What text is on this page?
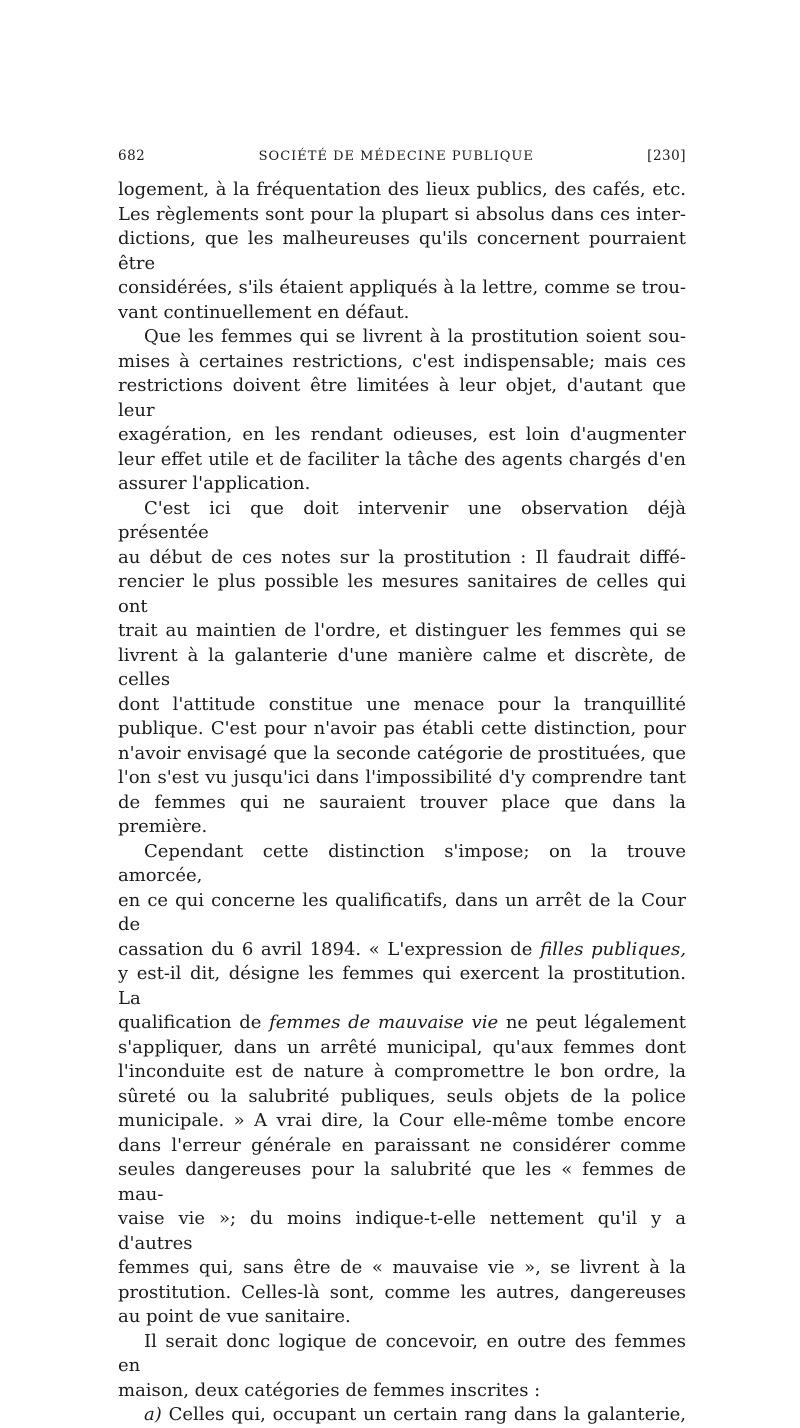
682	SOCIÉTÉ DE MÉDECINE PUBLIQUE	[230]

logement, à la fréquentation des lieux publics, des cafés, etc.

Les règlements sont pour la plupart si absolus dans ces inter-

dictions, que les malheureuses qu'ils concernent pourraient être

considérées, s'ils étaient appliqués à la lettre, comme se trou-

vant continuellement en défaut.

Que les femmes qui se livrent à la prostitution soient sou-

mises à certaines restrictions, c'est indispensable; mais ces

restrictions doivent être limitées à leur objet, d'autant que leur

exagération, en les rendant odieuses, est loin d'augmenter

leur effet utile et de faciliter la tâche des agents chargés d'en

assurer l'application.

C'est ici que doit intervenir une observation déjà présentée

au début de ces notes sur la prostitution : Il faudrait diffé-

rencier le plus possible les mesures sanitaires de celles qui ont

trait au maintien de l'ordre, et distinguer les femmes qui se

livrent à la galanterie d'une manière calme et discrète, de celles

dont l'attitude constitue une menace pour la tranquillité

publique. C'est pour n'avoir pas établi cette distinction, pour

n'avoir envisagé que la seconde catégorie de prostituées, que

l'on s'est vu jusqu'ici dans l'impossibilité d'y comprendre tant

de femmes qui ne sauraient trouver place que dans la première.

Cependant cette distinction s'impose; on la trouve amorcée,

en ce qui concerne les qualificatifs, dans un arrêt de la Cour de

cassation du 6 avril 1894. « L'expression de filles publiques,

y est-il dit, désigne les femmes qui exercent la prostitution. La

qualification de femmes de mauvaise vie ne peut légalement

s'appliquer, dans un arrêté municipal, qu'aux femmes dont

l'inconduite est de nature à compromettre le bon ordre, la

sûreté ou la salubrité publiques, seuls objets de la police

municipale. » A vrai dire, la Cour elle-même tombe encore

dans l'erreur générale en paraissant ne considérer comme

seules dangereuses pour la salubrité que les « femmes de mau-

vaise vie »; du moins indique-t-elle nettement qu'il y a d'autres

femmes qui, sans être de « mauvaise vie », se livrent à la

prostitution. Celles-là sont, comme les autres, dangereuses

au point de vue sanitaire.

Il serait donc logique de concevoir, en outre des femmes en

maison, deux catégories de femmes inscrites :

a) Celles qui, occupant un certain rang dans la galanterie,
